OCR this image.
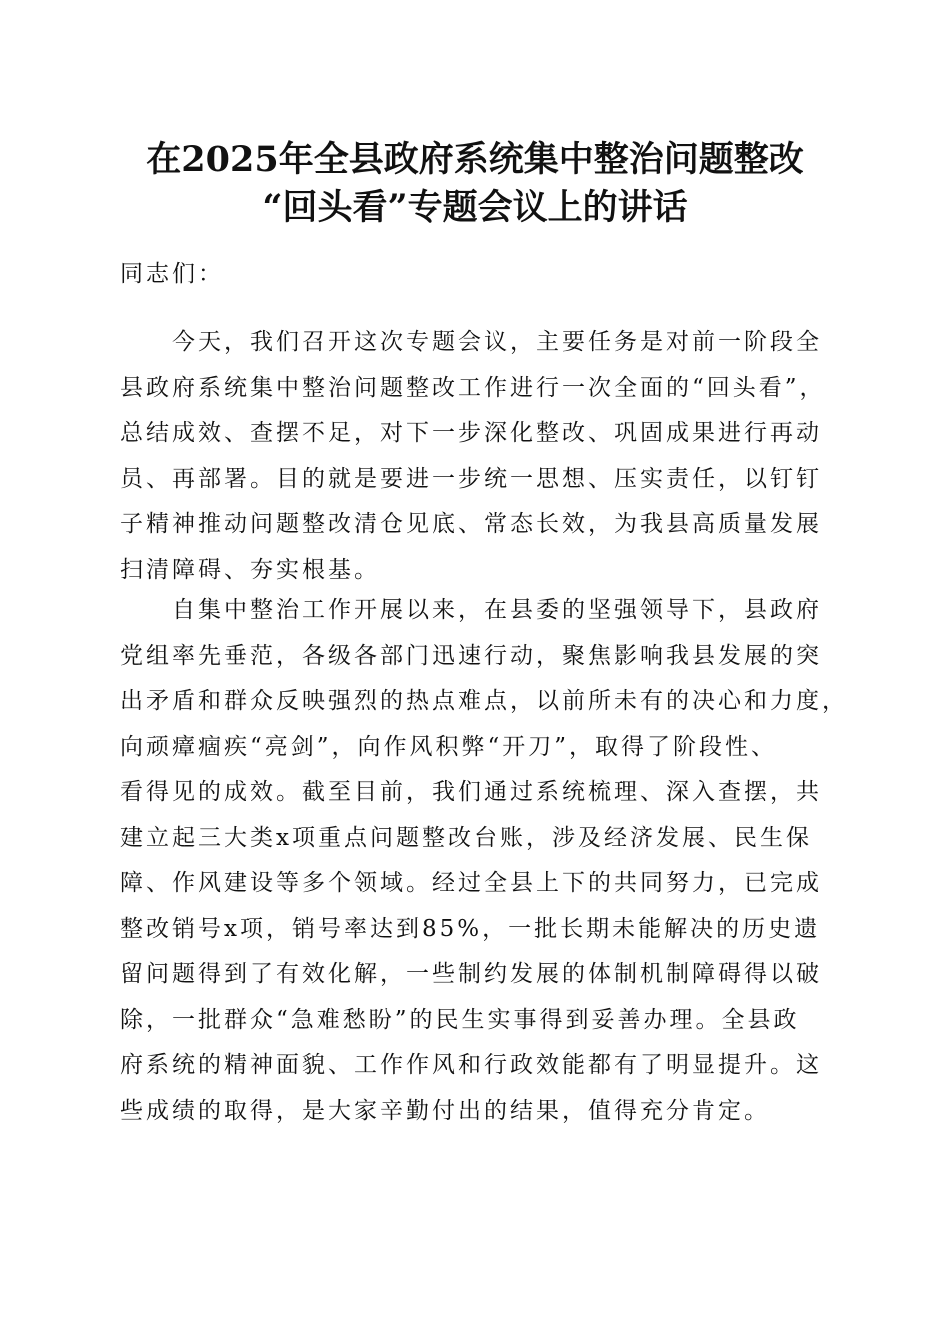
在2025年全县政府系统集中整治问题整改
“回头看”专题会议上的讲话
同志们：
今天，我们召开这次专题会议，主要任务是对前一阶段全
县政府系统集中整治问题整改工作进行一次全面的“回头看”，
总结成效、查摆不足，对下一步深化整改、巩固成果进行再动
员、再部署。目的就是要进一步统一思想、压实责任，以钉钉
子精神推动问题整改清仓见底、常态长效，为我县高质量发展
扫清障碍、夯实根基。
自集中整治工作开展以来，在县委的坚强领导下，县政府
党组率先垂范，各级各部门迅速行动，聚焦影响我县发展的突
出矛盾和群众反映强烈的热点难点，以前所未有的决心和力度，
向顽瘴痼疾“亮剑”，向作风积弊“开刀”，取得了阶段性、
看得见的成效。截至目前，我们通过系统梳理、深入查摆，共
建立起三大类x项重点问题整改台账，涉及经济发展、民生保
障、作风建设等多个领域。经过全县上下的共同努力，已完成
整改销号x项，销号率达到85%，一批长期未能解决的历史遗
留问题得到了有效化解，一些制约发展的体制机制障碍得以破
除，一批群众“急难愁盼”的民生实事得到妥善办理。全县政
府系统的精神面貌、工作作风和行政效能都有了明显提升。这
些成绩的取得，是大家辛勤付出的结果，值得充分肯定。
